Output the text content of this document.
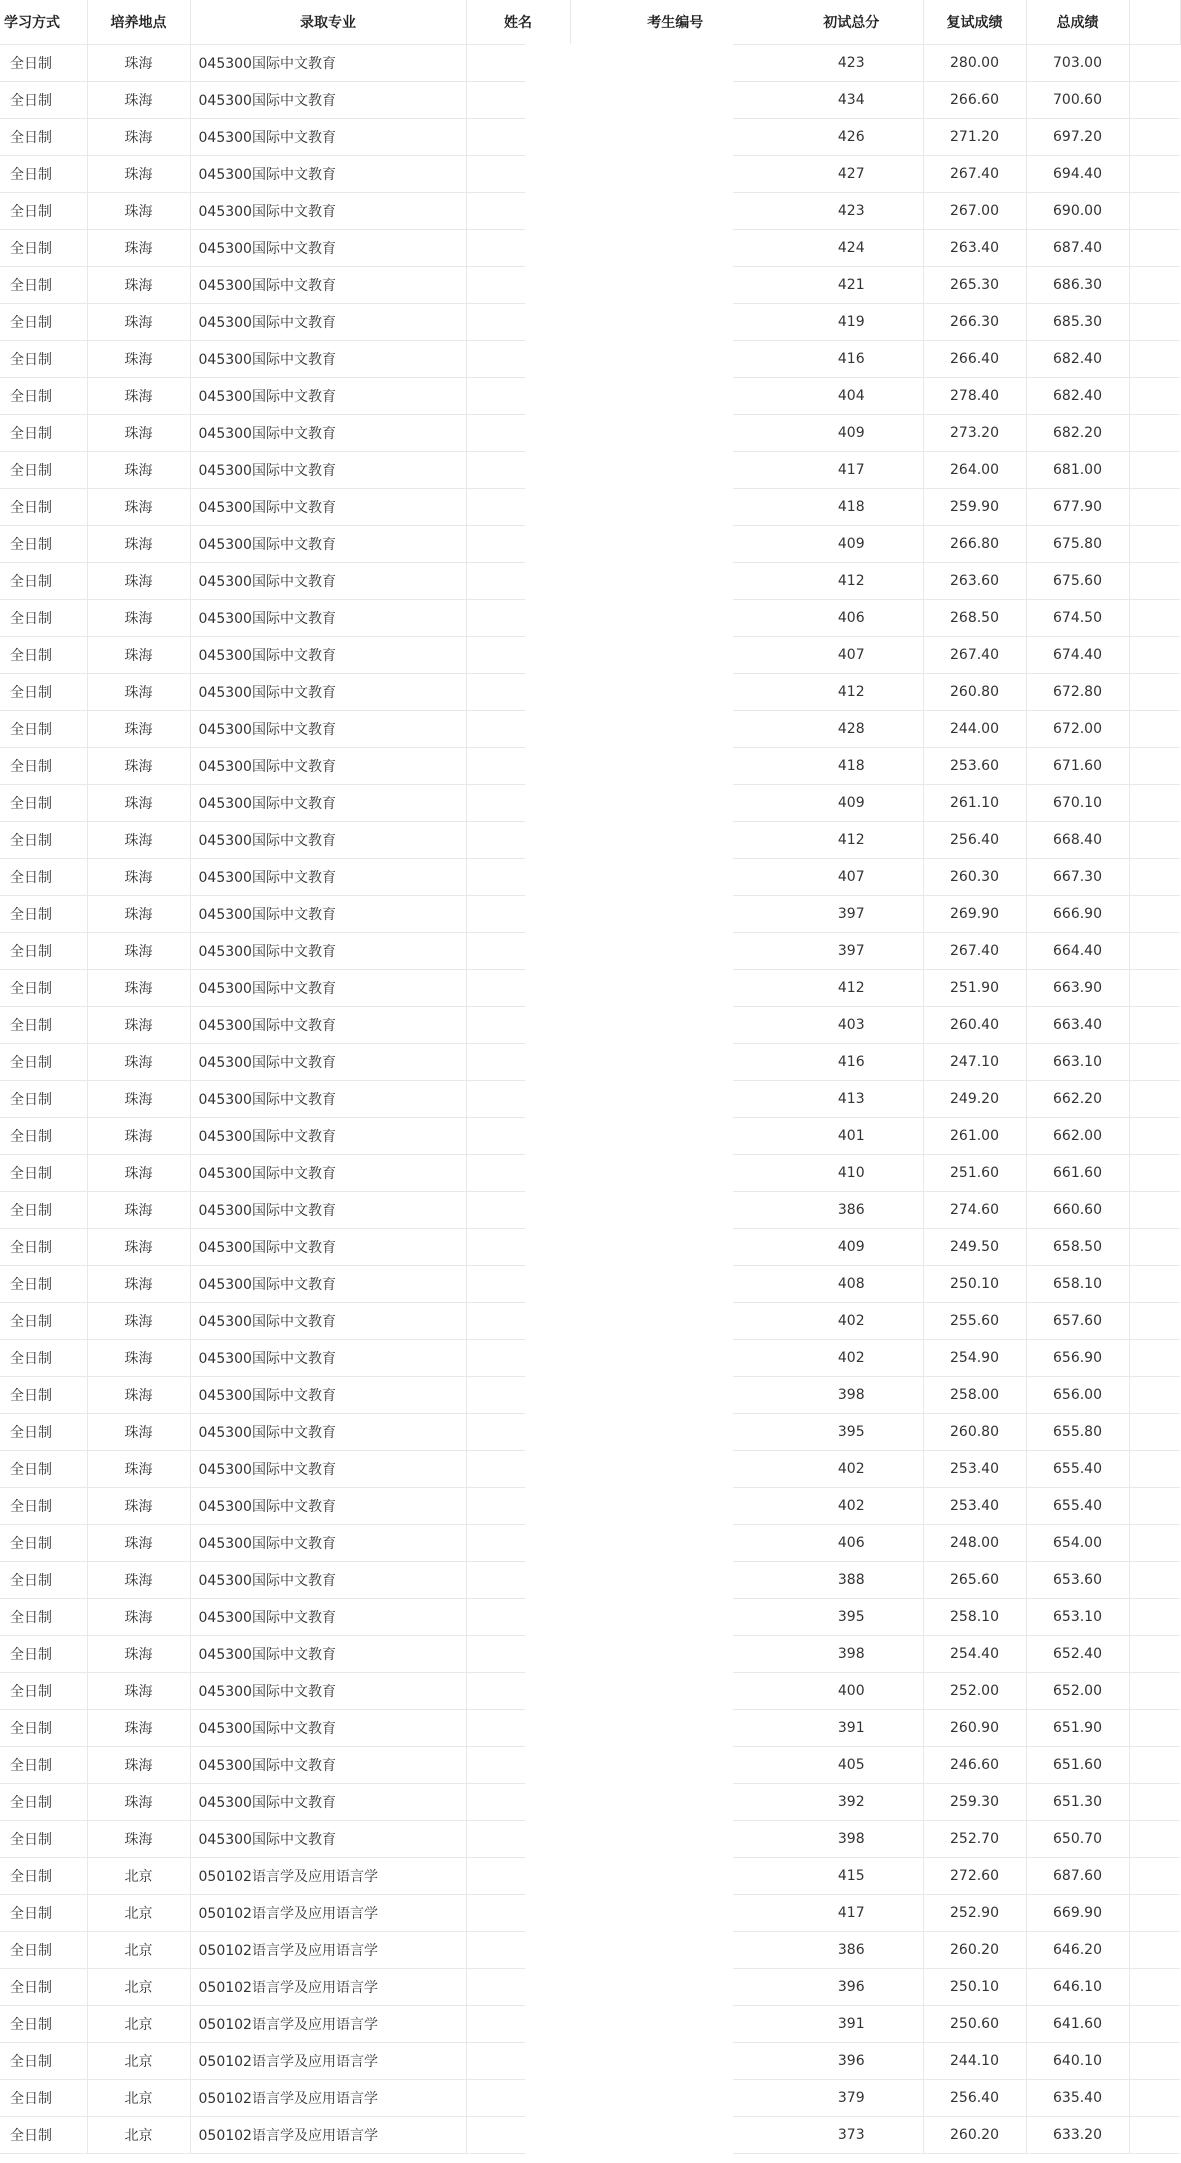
学习方式	培养地点	录取专业	姓名	考生编号	初试总分	复试成绩	总成绩	
全日制	珠海	045300国际中文教育			423	280.00	703.00	
全日制	珠海	045300国际中文教育			434	266.60	700.60	
全日制	珠海	045300国际中文教育			426	271.20	697.20	
全日制	珠海	045300国际中文教育			427	267.40	694.40	
全日制	珠海	045300国际中文教育			423	267.00	690.00	
全日制	珠海	045300国际中文教育			424	263.40	687.40	
全日制	珠海	045300国际中文教育			421	265.30	686.30	
全日制	珠海	045300国际中文教育			419	266.30	685.30	
全日制	珠海	045300国际中文教育			416	266.40	682.40	
全日制	珠海	045300国际中文教育			404	278.40	682.40	
全日制	珠海	045300国际中文教育			409	273.20	682.20	
全日制	珠海	045300国际中文教育			417	264.00	681.00	
全日制	珠海	045300国际中文教育			418	259.90	677.90	
全日制	珠海	045300国际中文教育			409	266.80	675.80	
全日制	珠海	045300国际中文教育			412	263.60	675.60	
全日制	珠海	045300国际中文教育			406	268.50	674.50	
全日制	珠海	045300国际中文教育			407	267.40	674.40	
全日制	珠海	045300国际中文教育			412	260.80	672.80	
全日制	珠海	045300国际中文教育			428	244.00	672.00	
全日制	珠海	045300国际中文教育			418	253.60	671.60	
全日制	珠海	045300国际中文教育			409	261.10	670.10	
全日制	珠海	045300国际中文教育			412	256.40	668.40	
全日制	珠海	045300国际中文教育			407	260.30	667.30	
全日制	珠海	045300国际中文教育			397	269.90	666.90	
全日制	珠海	045300国际中文教育			397	267.40	664.40	
全日制	珠海	045300国际中文教育			412	251.90	663.90	
全日制	珠海	045300国际中文教育			403	260.40	663.40	
全日制	珠海	045300国际中文教育			416	247.10	663.10	
全日制	珠海	045300国际中文教育			413	249.20	662.20	
全日制	珠海	045300国际中文教育			401	261.00	662.00	
全日制	珠海	045300国际中文教育			410	251.60	661.60	
全日制	珠海	045300国际中文教育			386	274.60	660.60	
全日制	珠海	045300国际中文教育			409	249.50	658.50	
全日制	珠海	045300国际中文教育			408	250.10	658.10	
全日制	珠海	045300国际中文教育			402	255.60	657.60	
全日制	珠海	045300国际中文教育			402	254.90	656.90	
全日制	珠海	045300国际中文教育			398	258.00	656.00	
全日制	珠海	045300国际中文教育			395	260.80	655.80	
全日制	珠海	045300国际中文教育			402	253.40	655.40	
全日制	珠海	045300国际中文教育			402	253.40	655.40	
全日制	珠海	045300国际中文教育			406	248.00	654.00	
全日制	珠海	045300国际中文教育			388	265.60	653.60	
全日制	珠海	045300国际中文教育			395	258.10	653.10	
全日制	珠海	045300国际中文教育			398	254.40	652.40	
全日制	珠海	045300国际中文教育			400	252.00	652.00	
全日制	珠海	045300国际中文教育			391	260.90	651.90	
全日制	珠海	045300国际中文教育			405	246.60	651.60	
全日制	珠海	045300国际中文教育			392	259.30	651.30	
全日制	珠海	045300国际中文教育			398	252.70	650.70	
全日制	北京	050102语言学及应用语言学			415	272.60	687.60	
全日制	北京	050102语言学及应用语言学			417	252.90	669.90	
全日制	北京	050102语言学及应用语言学			386	260.20	646.20	
全日制	北京	050102语言学及应用语言学			396	250.10	646.10	
全日制	北京	050102语言学及应用语言学			391	250.60	641.60	
全日制	北京	050102语言学及应用语言学			396	244.10	640.10	
全日制	北京	050102语言学及应用语言学			379	256.40	635.40	
全日制	北京	050102语言学及应用语言学			373	260.20	633.20	
